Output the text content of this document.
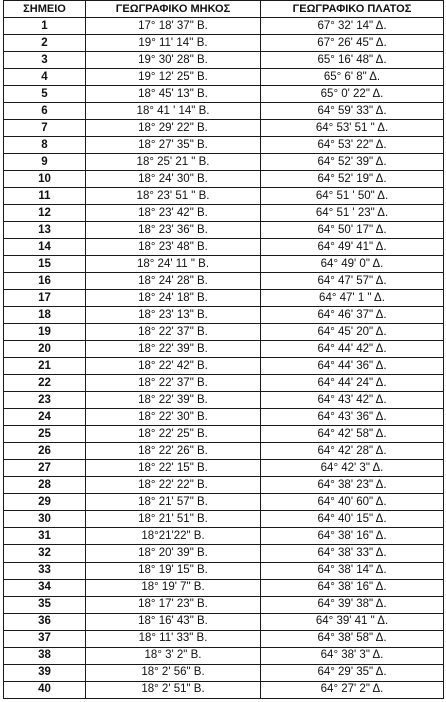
ΣΗΜΕΙΟ	ΓΕΩΓΡΑΦΙΚΟ ΜΗΚΟΣ	ΓΕΩΓΡΑΦΙΚΟ ΠΛΑΤΟΣ
1	17° 18' 37" Β.	67° 32' 14" Δ.
2	19° 11' 14'' Β.	67° 26' 45'' Δ.
3	19° 30' 28" Β.	65° 16' 48" Δ.
4	19° 12' 25" Β.	65° 6' 8" Δ.
5	18° 45' 13" Β.	65° 0' 22" Δ.
6	18° 41 ' 14" Β.	64° 59' 33" Δ.
7	18° 29' 22" Β.	64° 53' 51 " Δ.
8	18° 27' 35" Β.	64° 53' 22" Δ.
9	18° 25' 21 " Β.	64° 52' 39" Δ.
10	18° 24' 30" Β.	64° 52' 19" Δ.
11	18° 23' 51 " Β.	64° 51 ' 50" Δ.
12	18° 23' 42" Β.	64° 51 ' 23" Δ.
13	18° 23' 36" Β.	64° 50' 17" Δ.
14	18° 23' 48" Β.	64° 49' 41" Δ.
15	18° 24' 11 " Β.	64° 49' 0" Δ.
16	18° 24' 28" Β.	64° 47' 57" Δ.
17	18° 24' 18" Β.	64° 47' 1 " Δ.
18	18° 23' 13" Β.	64° 46' 37" Δ.
19	18° 22' 37" Β.	64° 45' 20" Δ.
20	18° 22' 39" Β.	64° 44' 42" Δ.
21	18° 22' 42" Β.	64° 44' 36" Δ.
22	18° 22' 37" Β.	64° 44' 24" Δ.
23	18° 22' 39" Β.	64° 43' 42" Δ.
24	18° 22' 30" Β.	64° 43' 36" Δ.
25	18° 22' 25" Β.	64° 42' 58" Δ.
26	18° 22' 26" Β.	64° 42' 28" Δ.
27	18° 22' 15" Β.	64° 42' 3" Δ.
28	18° 22' 22" Β.	64° 38' 23" Δ.
29	18° 21' 57" Β.	64° 40' 60" Δ.
30	18° 21' 51" Β.	64° 40' 15" Δ.
31	18°21'22" Β.	64° 38' 16" Δ.
32	18° 20' 39" Β.	64° 38' 33" Δ.
33	18° 19' 15" Β.	64° 38' 14" Δ.
34	18° 19' 7" Β.	64° 38' 16" Δ.
35	18° 17' 23" Β.	64° 39' 38" Δ.
36	18° 16' 43" Β.	64° 39' 41 " Δ.
37	18° 11' 33" Β.	64° 38' 58" Δ.
38	18° 3' 2" Β.	64° 38' 3" Δ.
39	18° 2' 56" Β.	64° 29' 35" Δ.
40	18° 2' 51" Β.	64° 27' 2" Δ.
